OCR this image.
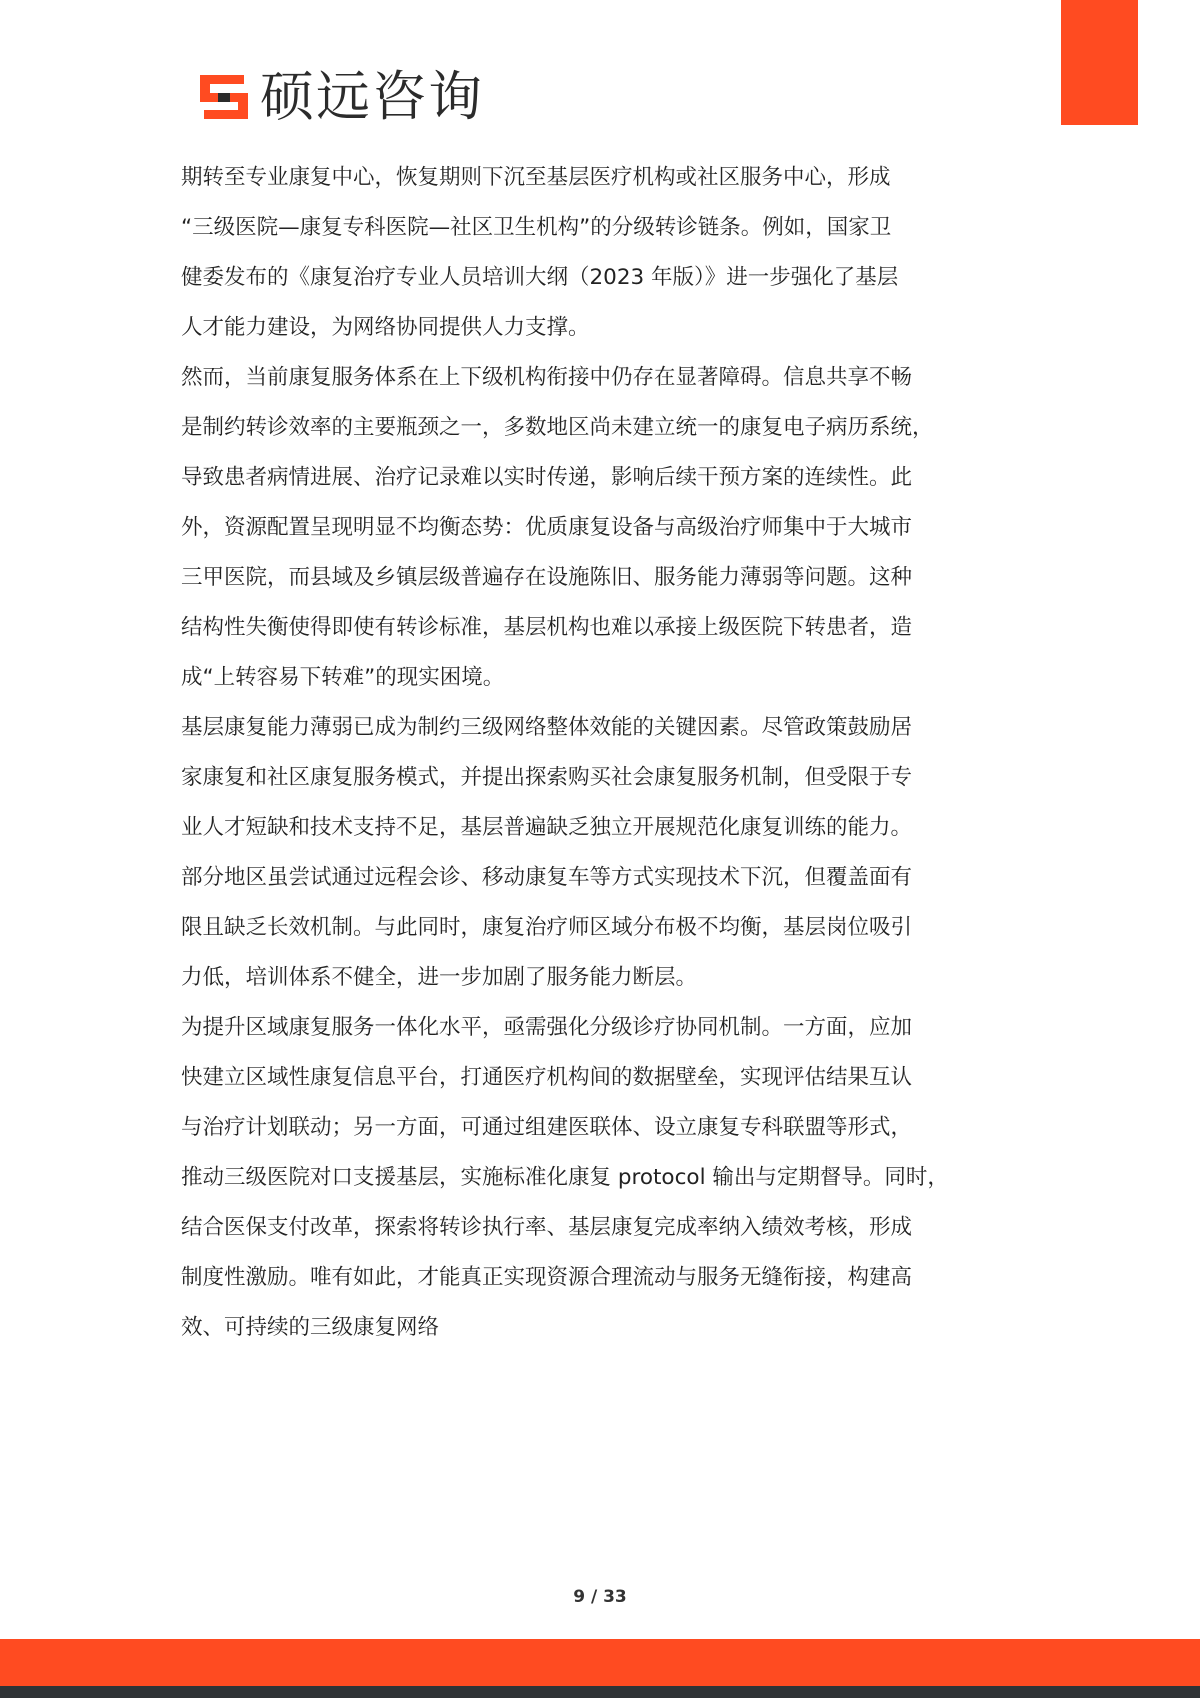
硕远咨询

期转至专业康复中心，恢复期则下沉至基层医疗机构或社区服务中心，形成
“三级医院—康复专科医院—社区卫生机构”的分级转诊链条。例如，国家卫
健委发布的《康复治疗专业人员培训大纲（2023 年版）》进一步强化了基层
人才能力建设，为网络协同提供人力支撑。

然而，当前康复服务体系在上下级机构衔接中仍存在显著障碍。信息共享不畅
是制约转诊效率的主要瓶颈之一，多数地区尚未建立统一的康复电子病历系统，
导致患者病情进展、治疗记录难以实时传递，影响后续干预方案的连续性。此
外，资源配置呈现明显不均衡态势：优质康复设备与高级治疗师集中于大城市
三甲医院，而县域及乡镇层级普遍存在设施陈旧、服务能力薄弱等问题。这种
结构性失衡使得即使有转诊标准，基层机构也难以承接上级医院下转患者，造
成“上转容易下转难”的现实困境。

基层康复能力薄弱已成为制约三级网络整体效能的关键因素。尽管政策鼓励居
家康复和社区康复服务模式，并提出探索购买社会康复服务机制，但受限于专
业人才短缺和技术支持不足，基层普遍缺乏独立开展规范化康复训练的能力。
部分地区虽尝试通过远程会诊、移动康复车等方式实现技术下沉，但覆盖面有
限且缺乏长效机制。与此同时，康复治疗师区域分布极不均衡，基层岗位吸引
力低，培训体系不健全，进一步加剧了服务能力断层。

为提升区域康复服务一体化水平，亟需强化分级诊疗协同机制。一方面，应加
快建立区域性康复信息平台，打通医疗机构间的数据壁垒，实现评估结果互认
与治疗计划联动；另一方面，可通过组建医联体、设立康复专科联盟等形式，
推动三级医院对口支援基层，实施标准化康复 protocol 输出与定期督导。同时，
结合医保支付改革，探索将转诊执行率、基层康复完成率纳入绩效考核，形成
制度性激励。唯有如此，才能真正实现资源合理流动与服务无缝衔接，构建高
效、可持续的三级康复网络

9 / 33
